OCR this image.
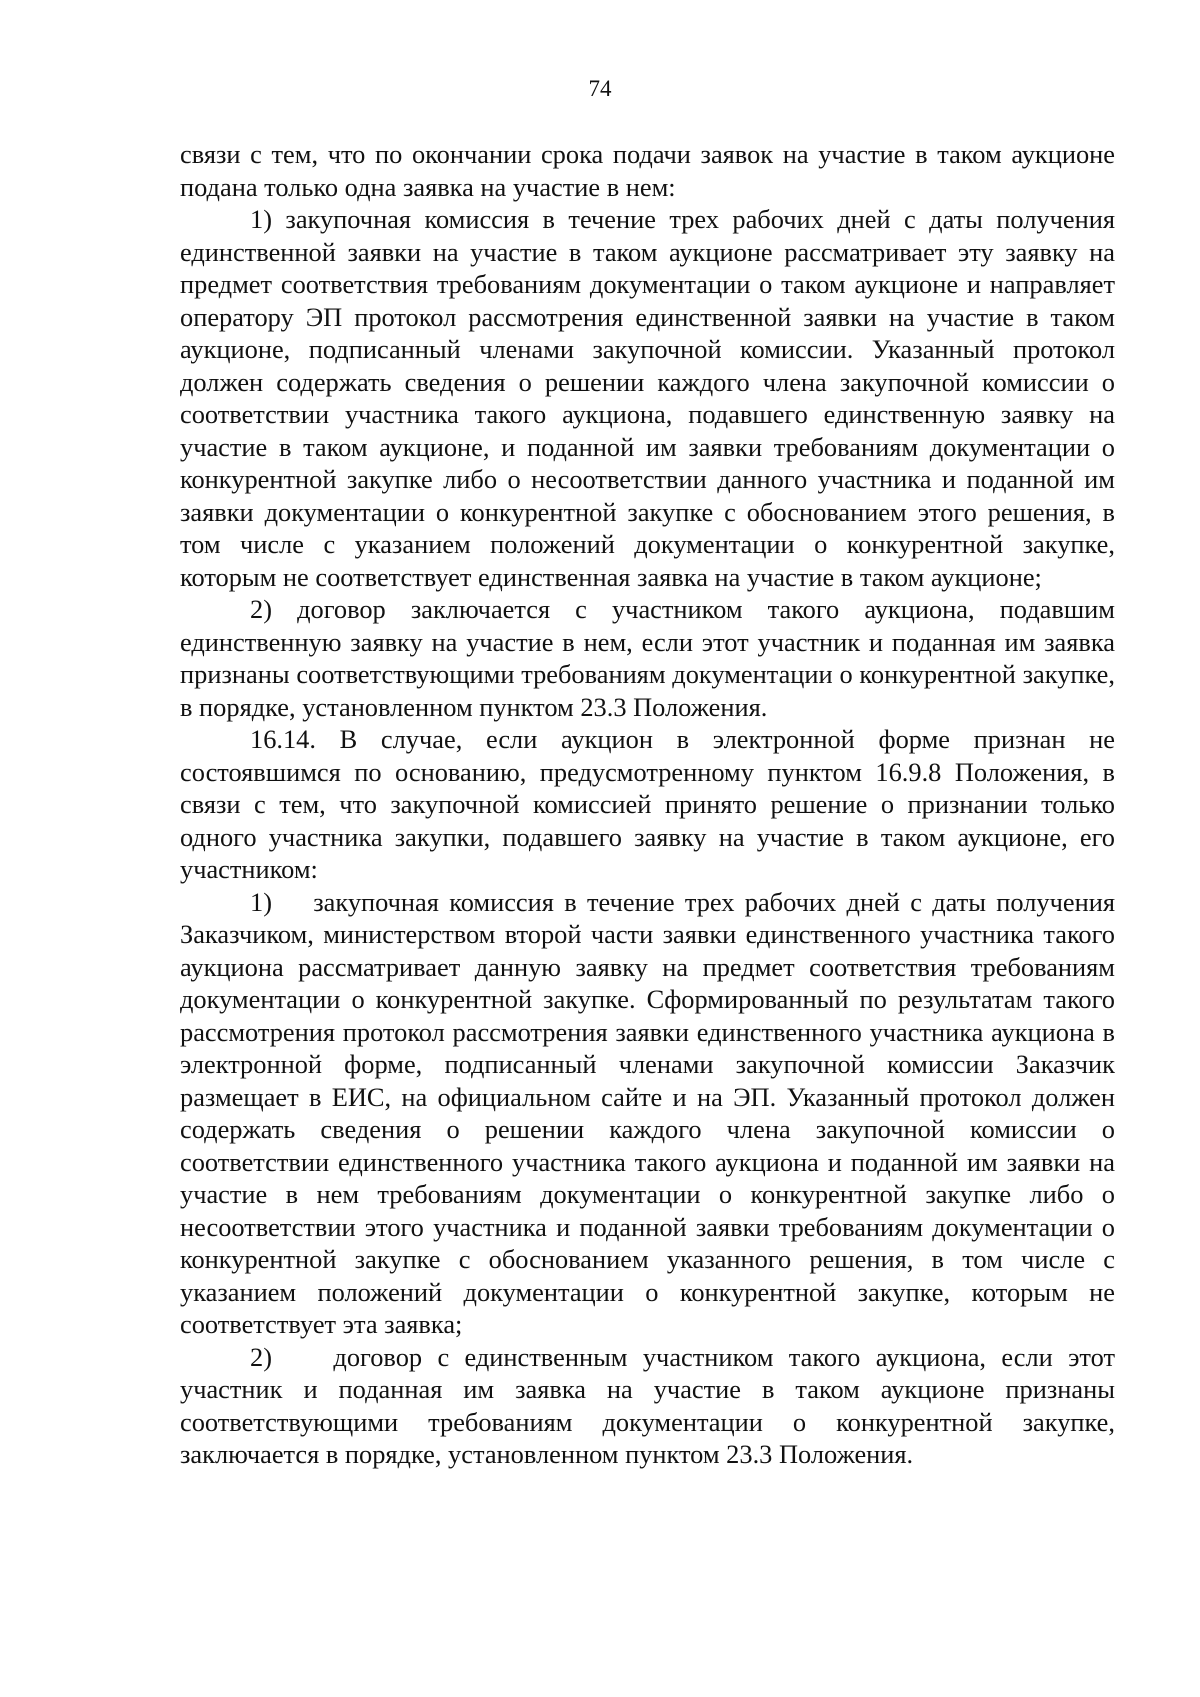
74

связи с тем, что по окончании срока подачи заявок на участие в таком аукционе подана только одна заявка на участие в нем:

1) закупочная комиссия в течение трех рабочих дней с даты получения единственной заявки на участие в таком аукционе рассматривает эту заявку на предмет соответствия требованиям документации о таком аукционе и направляет оператору ЭП протокол рассмотрения единственной заявки на участие в таком аукционе, подписанный членами закупочной комиссии. Указанный протокол должен содержать сведения о решении каждого члена закупочной комиссии о соответствии участника такого аукциона, подавшего единственную заявку на участие в таком аукционе, и поданной им заявки требованиям документации о конкурентной закупке либо о несоответствии данного участника и поданной им заявки документации о конкурентной закупке с обоснованием этого решения, в том числе с указанием положений документации о конкурентной закупке, которым не соответствует единственная заявка на участие в таком аукционе;

2) договор заключается с участником такого аукциона, подавшим единственную заявку на участие в нем, если этот участник и поданная им заявка признаны соответствующими требованиям документации о конкурентной закупке, в порядке, установленном пунктом 23.3 Положения.

16.14. В случае, если аукцион в электронной форме признан не состоявшимся по основанию, предусмотренному пунктом 16.9.8 Положения, в связи с тем, что закупочной комиссией принято решение о признании только одного участника закупки, подавшего заявку на участие в таком аукционе, его участником:

1)    закупочная комиссия в течение трех рабочих дней с даты получения Заказчиком, министерством второй части заявки единственного участника такого аукциона рассматривает данную заявку на предмет соответствия требованиям документации о конкурентной закупке. Сформированный по результатам такого рассмотрения протокол рассмотрения заявки единственного участника аукциона в электронной форме, подписанный членами закупочной комиссии Заказчик размещает в ЕИС, на официальном сайте и на ЭП. Указанный протокол должен содержать сведения о решении каждого члена закупочной комиссии о соответствии единственного участника такого аукциона и поданной им заявки на участие в нем требованиям документации о конкурентной закупке либо о несоответствии этого участника и поданной заявки требованиям документации о конкурентной закупке с обоснованием указанного решения, в том числе с указанием положений документации о конкурентной закупке, которым не соответствует эта заявка;

2)    договор с единственным участником такого аукциона, если этот участник и поданная им заявка на участие в таком аукционе признаны соответствующими требованиям документации о конкурентной закупке, заключается в порядке, установленном пунктом 23.3 Положения.
